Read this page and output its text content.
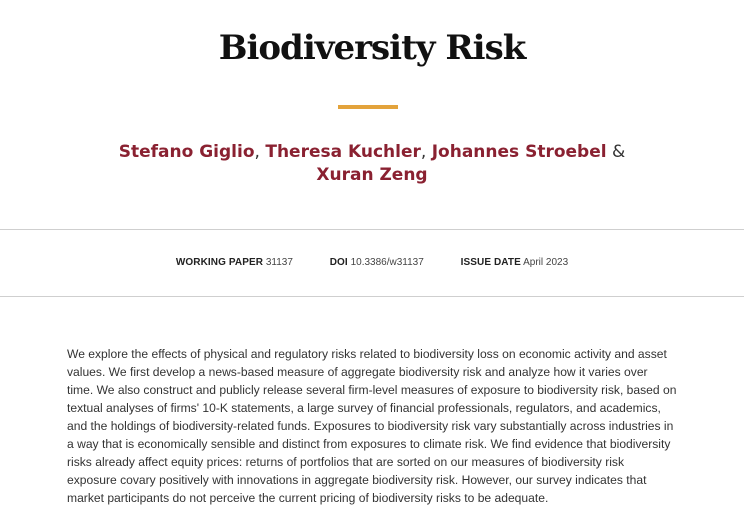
Biodiversity Risk
Stefano Giglio, Theresa Kuchler, Johannes Stroebel &
Xuran Zeng
WORKING PAPER 31137	DOI 10.3386/w31137	ISSUE DATE April 2023

We explore the effects of physical and regulatory risks related to biodiversity loss on economic activity and asset values. We first develop a news-based measure of aggregate biodiversity risk and analyze how it varies over time. We also construct and publicly release several firm-level measures of exposure to biodiversity risk, based on textual analyses of firms' 10-K statements, a large survey of financial professionals, regulators, and academics, and the holdings of biodiversity-related funds. Exposures to biodiversity risk vary substantially across industries in a way that is economically sensible and distinct from exposures to climate risk. We find evidence that biodiversity risks already affect equity prices: returns of portfolios that are sorted on our measures of biodiversity risk exposure covary positively with innovations in aggregate biodiversity risk. However, our survey indicates that market participants do not perceive the current pricing of biodiversity risks to be adequate.
